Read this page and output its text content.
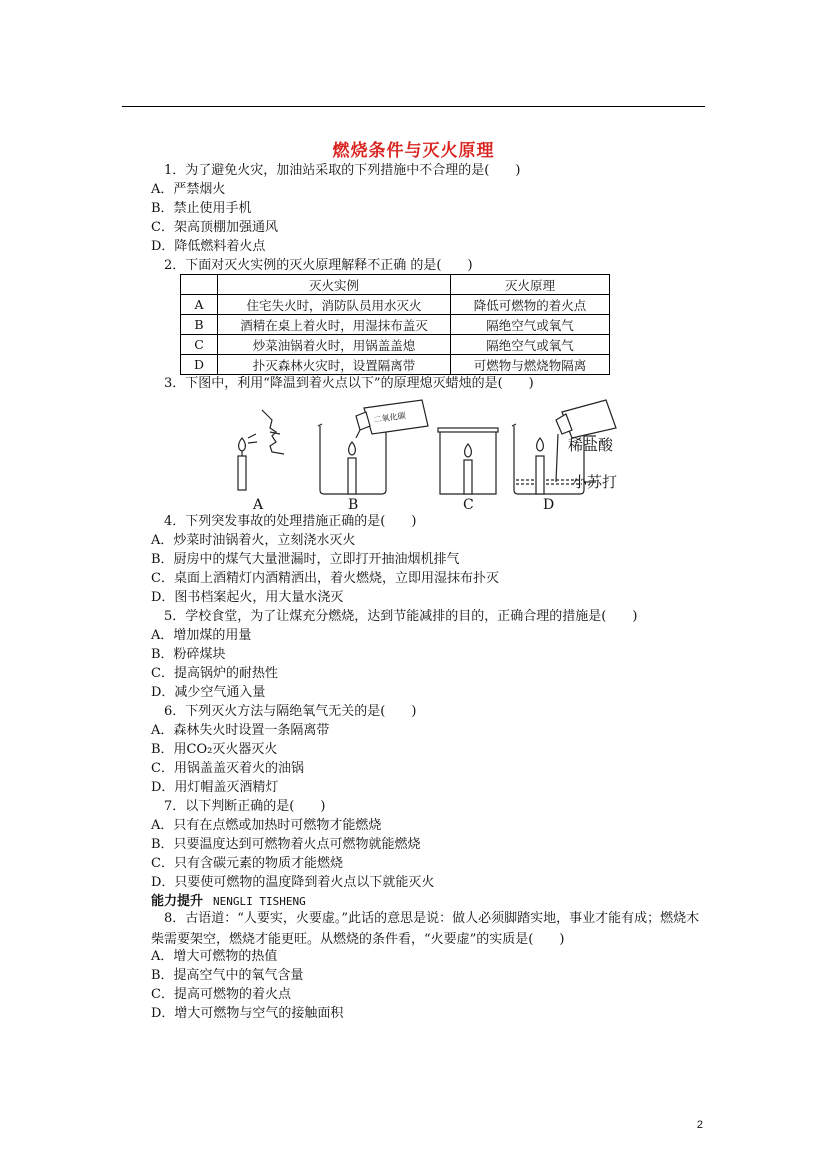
燃烧条件与灭火原理
1．为了避免火灾，加油站采取的下列措施中不合理的是(　　)
A．严禁烟火
B．禁止使用手机
C．架高顶棚加强通风
D．降低燃料着火点
2．下面对灭火实例的灭火原理解释不正确 的是(　　)
	灭火实例	灭火原理
A	住宅失火时，消防队员用水灭火	降低可燃物的着火点
B	酒精在桌上着火时，用湿抹布盖灭	隔绝空气或氧气
C	炒菜油锅着火时，用锅盖盖熄	隔绝空气或氧气
D	扑灭森林火灾时，设置隔离带	可燃物与燃烧物隔离
3．下图中，利用“降温到着火点以下”的原理熄灭蜡烛的是(　　)
二氧化碳
稀盐酸
小苏打
A	B	C	D
4．下列突发事故的处理措施正确的是(　　)
A．炒菜时油锅着火，立刻浇水灭火
B．厨房中的煤气大量泄漏时，立即打开抽油烟机排气
C．桌面上酒精灯内酒精洒出，着火燃烧，立即用湿抹布扑灭
D．图书档案起火，用大量水浇灭
5．学校食堂，为了让煤充分燃烧，达到节能减排的目的，正确合理的措施是(　　)
A．增加煤的用量
B．粉碎煤块
C．提高锅炉的耐热性
D．减少空气通入量
6．下列灭火方法与隔绝氧气无关的是(　　)
A．森林失火时设置一条隔离带
B．用CO₂灭火器灭火
C．用锅盖盖灭着火的油锅
D．用灯帽盖灭酒精灯
7．以下判断正确的是(　　)
A．只有在点燃或加热时可燃物才能燃烧
B．只要温度达到可燃物着火点可燃物就能燃烧
C．只有含碳元素的物质才能燃烧
D．只要使可燃物的温度降到着火点以下就能灭火
能力提升 NENGLI TISHENG
8．古语道：“人要实，火要虚。”此话的意思是说：做人必须脚踏实地，事业才能有成；燃烧木柴需要架空，燃烧才能更旺。从燃烧的条件看，“火要虚”的实质是(　　)
A．增大可燃物的热值
B．提高空气中的氧气含量
C．提高可燃物的着火点
D．增大可燃物与空气的接触面积
2
